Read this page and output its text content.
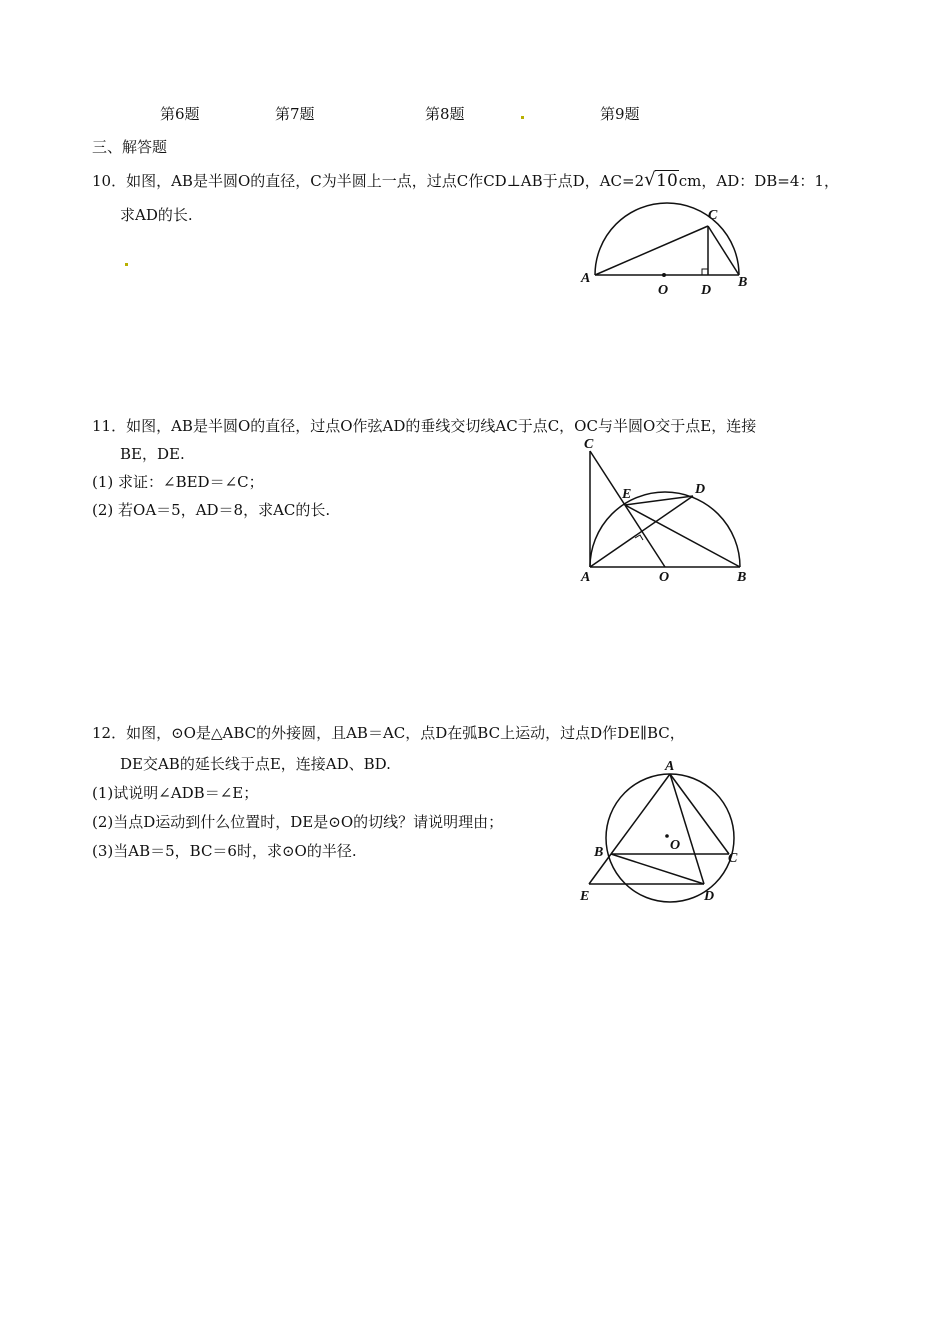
第6题	第7题	第8题	第9题
三、解答题
10．如图，AB是半圆O的直径，C为半圆上一点，过点C作CD⊥AB于点D，AC=2 √ 10cm，AD：DB=4：1，
求AD的长.
A
O D
B
C
11．如图，AB是半圆O的直径，过点O作弦AD的垂线交切线AC于点C，OC与半圆O交于点E，连接
BE，DE.
(1) 求证：∠BED＝∠C；
(2) 若OA＝5，AD＝8，求AC的长.
C
E	D
A	O	B
12．如图，⊙O是△ABC的外接圆，且AB＝AC，点D在弧BC上运动，过点D作DE∥BC，
DE交AB的延长线于点E，连接AD、BD.
(1)试说明∠ADB＝∠E；
(2)当点D运动到什么位置时，DE是⊙O的切线？请说明理由；
(3)当AB＝5，BC＝6时，求⊙O的半径.
A
B	O
C
E	D
